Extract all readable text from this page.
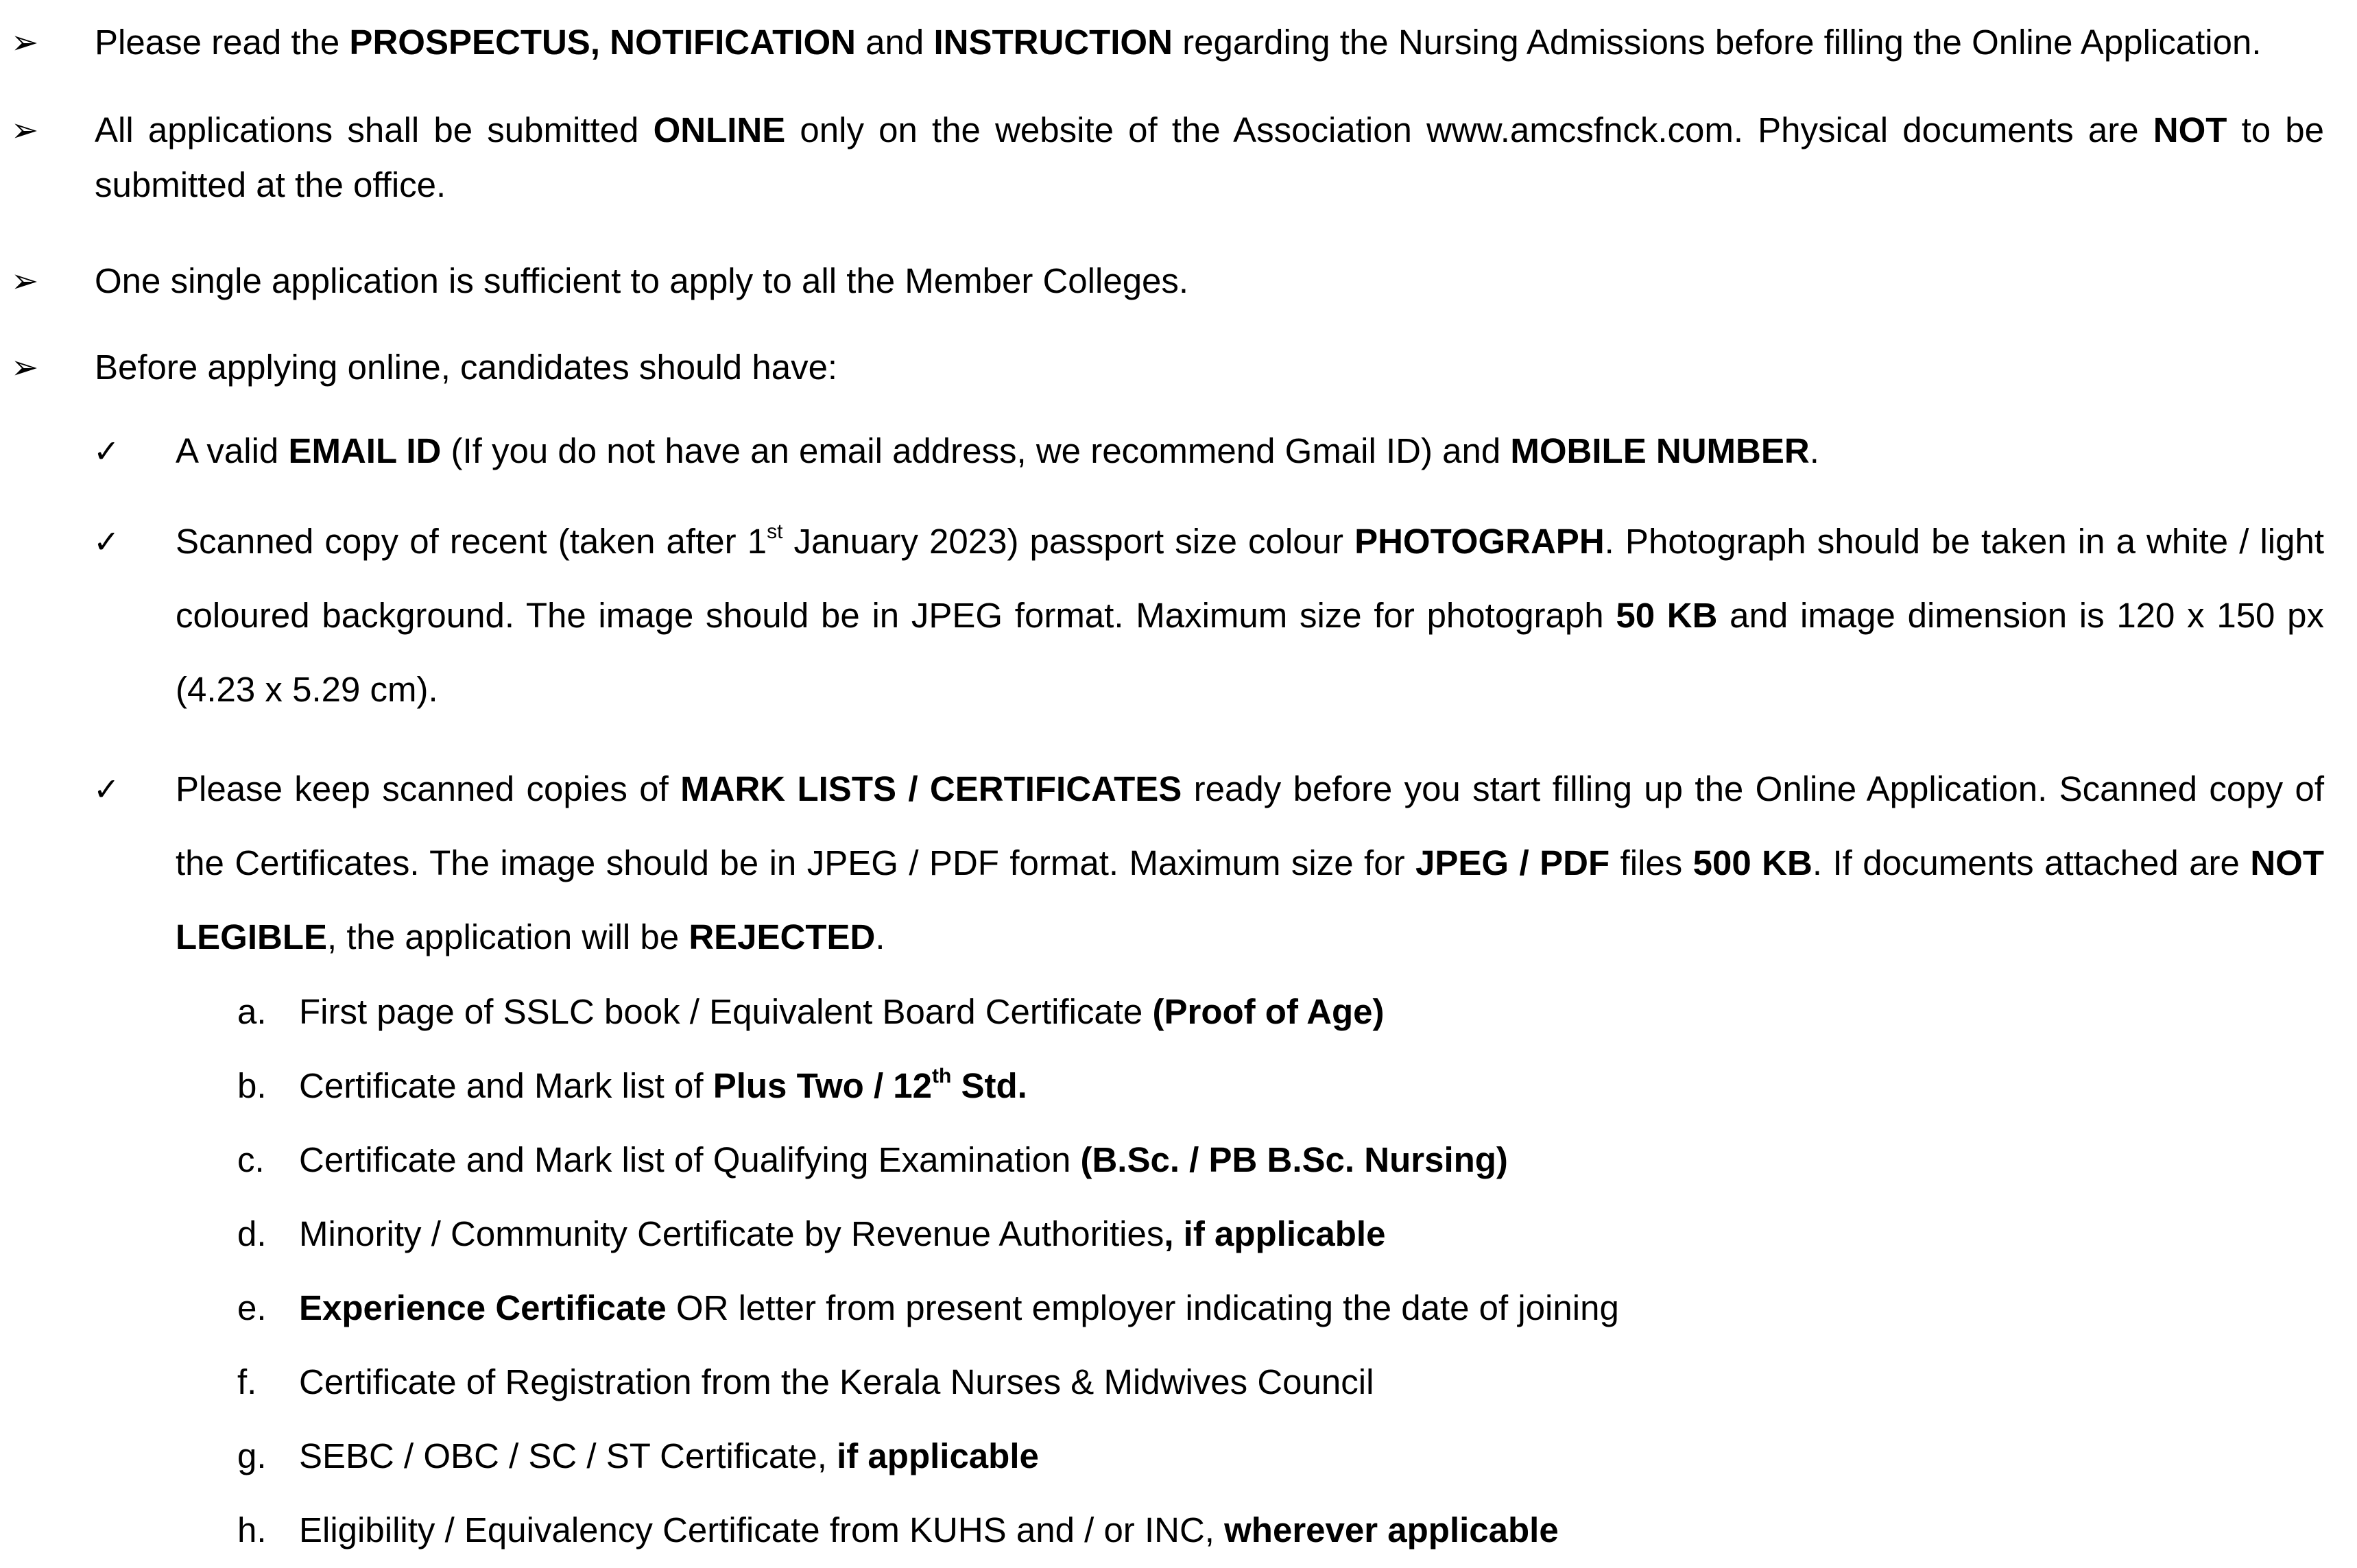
➢ Please read the PROSPECTUS, NOTIFICATION and INSTRUCTION regarding the Nursing Admissions before filling the Online Application.
➢ All applications shall be submitted ONLINE only on the website of the Association www.amcsfnck.com. Physical documents are NOT to be submitted at the office.
➢ One single application is sufficient to apply to all the Member Colleges.
➢ Before applying online, candidates should have:
✓ A valid EMAIL ID (If you do not have an email address, we recommend Gmail ID) and MOBILE NUMBER.
✓ Scanned copy of recent (taken after 1st January 2023) passport size colour PHOTOGRAPH. Photograph should be taken in a white / light coloured background. The image should be in JPEG format. Maximum size for photograph 50 KB and image dimension is 120 x 150 px (4.23 x 5.29 cm).
✓ Please keep scanned copies of MARK LISTS / CERTIFICATES ready before you start filling up the Online Application. Scanned copy of the Certificates. The image should be in JPEG / PDF format. Maximum size for JPEG / PDF files 500 KB. If documents attached are NOT LEGIBLE, the application will be REJECTED.
a. First page of SSLC book / Equivalent Board Certificate (Proof of Age)
b. Certificate and Mark list of Plus Two / 12th Std.
c. Certificate and Mark list of Qualifying Examination (B.Sc. / PB B.Sc. Nursing)
d. Minority / Community Certificate by Revenue Authorities, if applicable
e. Experience Certificate OR letter from present employer indicating the date of joining
f. Certificate of Registration from the Kerala Nurses & Midwives Council
g. SEBC / OBC / SC / ST Certificate, if applicable
h. Eligibility / Equivalency Certificate from KUHS and / or INC, wherever applicable
